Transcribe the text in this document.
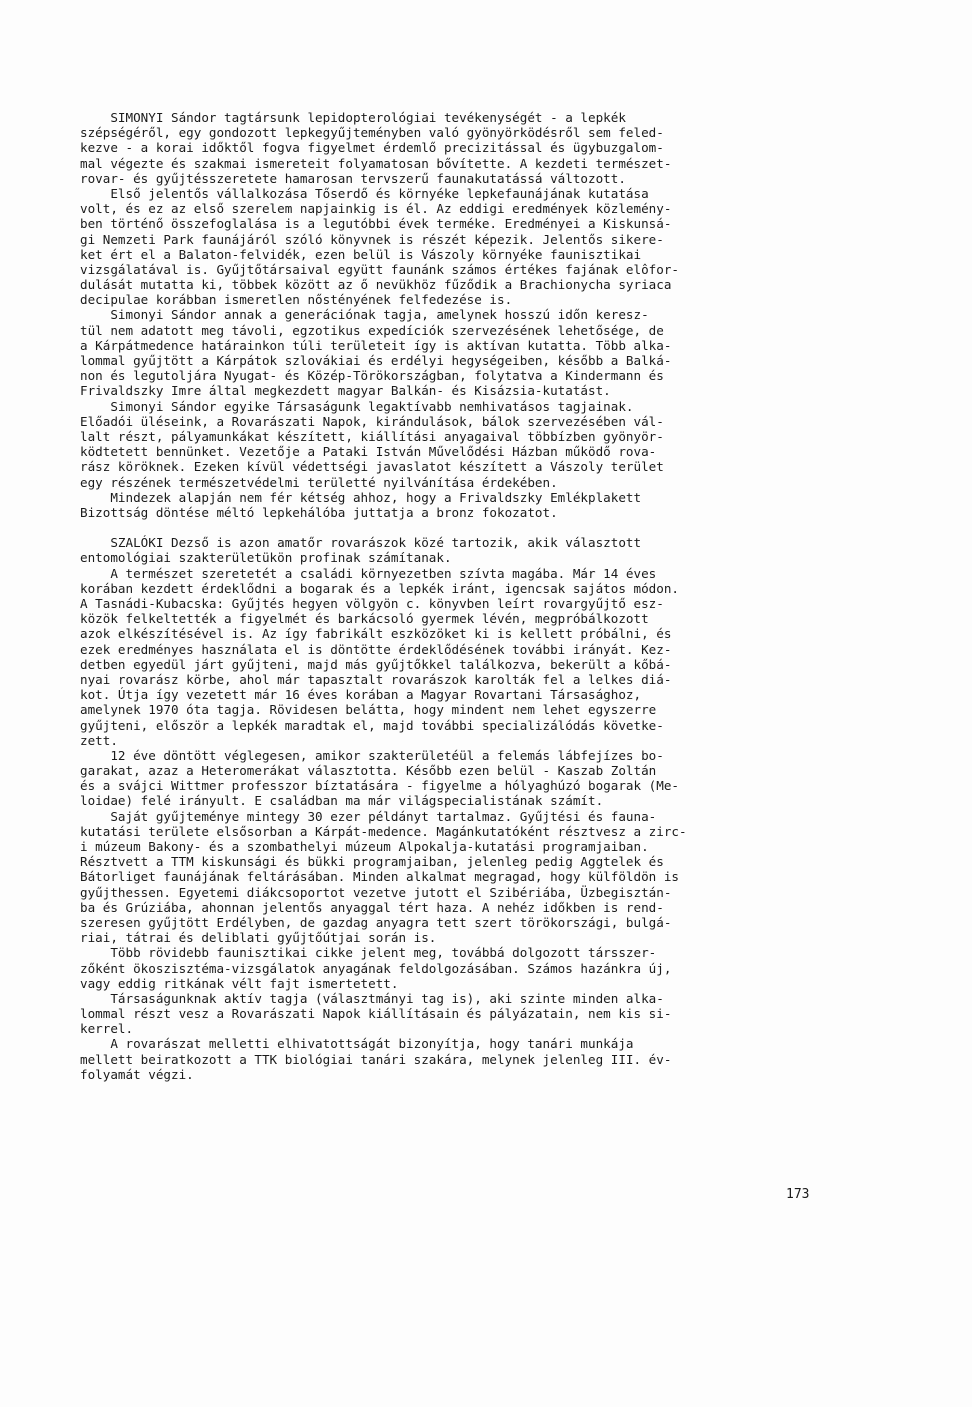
SIMONYI Sándor tagtársunk lepidopterológiai tevékenységét - a lepkék
szépségéről, egy gondozott lepkegyűjteményben való gyönyörködésről sem feled-
kezve - a korai időktől fogva figyelmet érdemlő precizitással és ügybuzgalom-
mal végezte és szakmai ismereteit folyamatosan bővítette. A kezdeti természet-
rovar- és gyűjtésszeretete hamarosan tervszerű faunakutatássá változott.
Első jelentős vállalkozása Tőserdő és környéke lepkefaunájának kutatása
volt, és ez az első szerelem napjainkig is él. Az eddigi eredmények közlemény-
ben történő összefoglalása is a legutóbbi évek terméke. Eredményei a Kiskunsá-
gi Nemzeti Park faunájáról szóló könyvnek is részét képezik. Jelentős sikere-
ket ért el a Balaton-felvidék, ezen belül is Vászoly környéke faunisztikai
vizsgálatával is. Gyűjtőtársaival együtt faunánk számos értékes fajának elôfor-
dulását mutatta ki, többek között az ő nevükhöz fűződik a Brachionycha syriaca
decipulae korábban ismeretlen nőstényének felfedezése is.
Simonyi Sándor annak a generációnak tagja, amelynek hosszú időn keresz-
tül nem adatott meg távoli, egzotikus expedíciók szervezésének lehetősége, de
a Kárpátmedence határainkon túli területeit így is aktívan kutatta. Több alka-
lommal gyűjtött a Kárpátok szlovákiai és erdélyi hegységeiben, később a Balká-
non és legutoljára Nyugat- és Közép-Törökországban, folytatva a Kindermann és
Frivaldszky Imre által megkezdett magyar Balkán- és Kisázsia-kutatást.
Simonyi Sándor egyike Társaságunk legaktívabb nemhivatásos tagjainak.
Előadói üléseink, a Rovarászati Napok, kirándulások, bálok szervezésében vál-
lalt részt, pályamunkákat készített, kiállítási anyagaival többízben gyönyör-
ködtetett bennünket. Vezetője a Pataki István Művelődési Házban működő rova-
rász köröknek. Ezeken kívül védettségi javaslatot készített a Vászoly terület
egy részének természetvédelmi területté nyilvánítása érdekében.
Mindezek alapján nem fér kétség ahhoz, hogy a Frivaldszky Emlékplakett
Bizottság döntése méltó lepkehálóba juttatja a bronz fokozatot.
SZALÓKI Dezső is azon amatőr rovarászok közé tartozik, akik választott
entomológiai szakterületükön profinak számítanak.
A természet szeretetét a családi környezetben szívta magába. Már 14 éves
korában kezdett érdeklődni a bogarak és a lepkék iránt, igencsak sajátos módon.
A Tasnádi-Kubacska: Gyűjtés hegyen völgyön c. könyvben leírt rovargyűjtő esz-
közök felkeltették a figyelmét és barkácsoló gyermek lévén, megpróbálkozott
azok elkészítésével is. Az így fabrikált eszközöket ki is kellett próbálni, és
ezek eredményes használata el is döntötte érdeklődésének további irányát. Kez-
detben egyedül járt gyűjteni, majd más gyűjtőkkel találkozva, bekerült a kőbá-
nyai rovarász körbe, ahol már tapasztalt rovarászok karolták fel a lelkes diá-
kot. Útja így vezetett már 16 éves korában a Magyar Rovartani Társasághoz,
amelynek 1970 óta tagja. Rövidesen belátta, hogy mindent nem lehet egyszerre
gyűjteni, először a lepkék maradtak el, majd további specializálódás követke-
zett.
12 éve döntött véglegesen, amikor szakterületéül a felemás lábfejízes bo-
garakat, azaz a Heteromerákat választotta. Később ezen belül - Kaszab Zoltán
és a svájci Wittmer professzor bíztatására - figyelme a hólyaghúzó bogarak (Me-
loidae) felé irányult. E családban ma már világspecialistának számít.
Saját gyűjteménye mintegy 30 ezer példányt tartalmaz. Gyűjtési és fauna-
kutatási területe elsősorban a Kárpát-medence. Magánkutatóként résztvesz a zirc-
i múzeum Bakony- és a szombathelyi múzeum Alpokalja-kutatási programjaiban.
Résztvett a TTM kiskunsági és bükki programjaiban, jelenleg pedig Aggtelek és
Bátorliget faunájának feltárásában. Minden alkalmat megragad, hogy külföldön is
gyűjthessen. Egyetemi diákcsoportot vezetve jutott el Szibériába, Üzbegisztán-
ba és Grúziába, ahonnan jelentős anyaggal tért haza. A nehéz időkben is rend-
szeresen gyűjtött Erdélyben, de gazdag anyagra tett szert törökországi, bulgá-
riai, tátrai és deliblati gyűjtőútjai során is.
Több rövidebb faunisztikai cikke jelent meg, továbbá dolgozott társszer-
zőként ökoszisztéma-vizsgálatok anyagának feldolgozásában. Számos hazánkra új,
vagy eddig ritkának vélt fajt ismertetett.
Társaságunknak aktív tagja (választmányi tag is), aki szinte minden alka-
lommal részt vesz a Rovarászati Napok kiállításain és pályázatain, nem kis si-
kerrel.
A rovarászat melletti elhivatottságát bizonyítja, hogy tanári munkája
mellett beiratkozott a TTK biológiai tanári szakára, melynek jelenleg III. év-
folyamát végzi.
173
